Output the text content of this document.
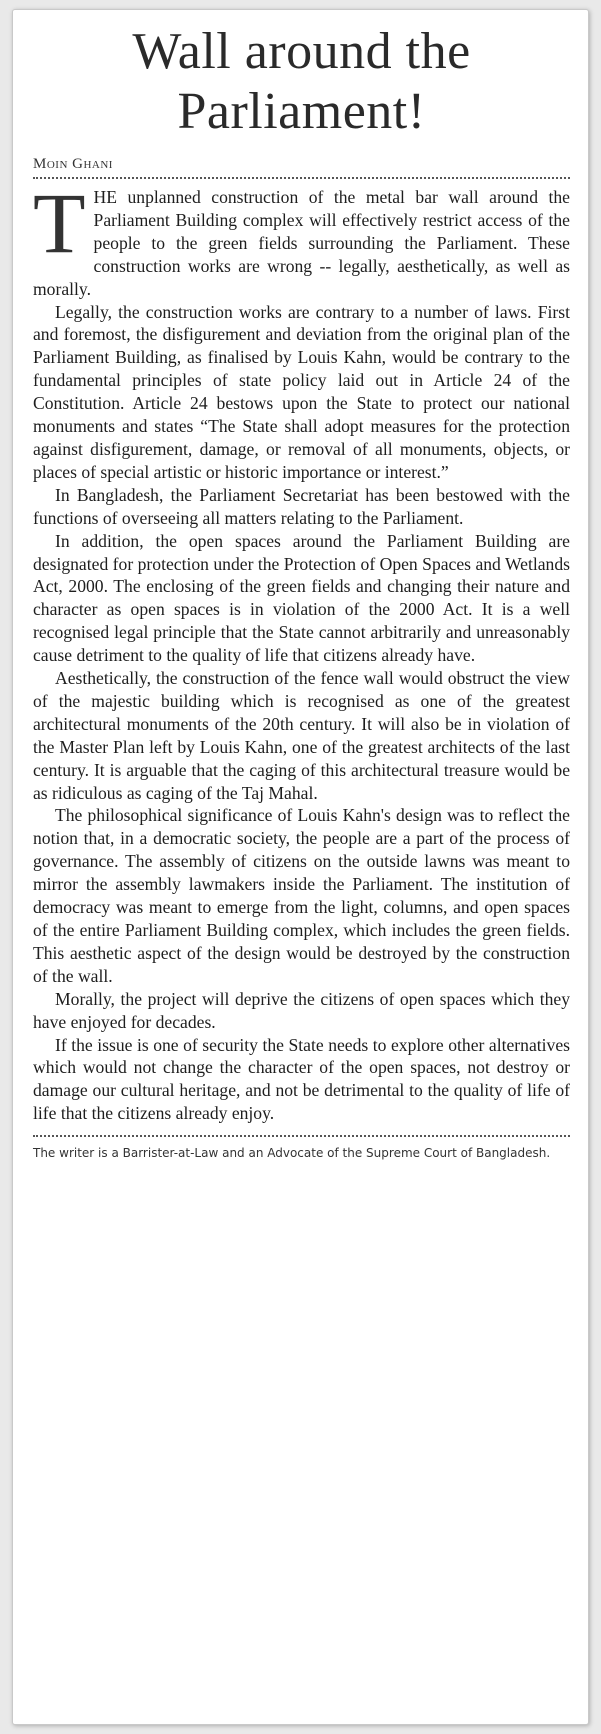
Wall around the Parliament!
Moin Ghani

THE unplanned construction of the metal bar wall around the Parliament Building complex will effectively restrict access of the people to the green fields surrounding the Parliament. These construction works are wrong -- legally, aesthetically, as well as morally.

Legally, the construction works are contrary to a number of laws. First and foremost, the disfigurement and deviation from the original plan of the Parliament Building, as finalised by Louis Kahn, would be contrary to the fundamental principles of state policy laid out in Article 24 of the Constitution. Article 24 bestows upon the State to protect our national monuments and states “The State shall adopt measures for the protection against disfigurement, damage, or removal of all monuments, objects, or places of special artistic or historic importance or interest.”

In Bangladesh, the Parliament Secretariat has been bestowed with the functions of overseeing all matters relating to the Parliament.

In addition, the open spaces around the Parliament Building are designated for protection under the Protection of Open Spaces and Wetlands Act, 2000. The enclosing of the green fields and changing their nature and character as open spaces is in violation of the 2000 Act. It is a well recognised legal principle that the State cannot arbitrarily and unreasonably cause detriment to the quality of life that citizens already have.

Aesthetically, the construction of the fence wall would obstruct the view of the majestic building which is recognised as one of the greatest architectural monuments of the 20th century. It will also be in violation of the Master Plan left by Louis Kahn, one of the greatest architects of the last century. It is arguable that the caging of this architectural treasure would be as ridiculous as caging of the Taj Mahal.

The philosophical significance of Louis Kahn's design was to reflect the notion that, in a democratic society, the people are a part of the process of governance. The assembly of citizens on the outside lawns was meant to mirror the assembly lawmakers inside the Parliament. The institution of democracy was meant to emerge from the light, columns, and open spaces of the entire Parliament Building complex, which includes the green fields. This aesthetic aspect of the design would be destroyed by the construction of the wall.

Morally, the project will deprive the citizens of open spaces which they have enjoyed for decades.

If the issue is one of security the State needs to explore other alternatives which would not change the character of the open spaces, not destroy or damage our cultural heritage, and not be detrimental to the quality of life of life that the citizens already enjoy.

The writer is a Barrister-at-Law and an Advocate of the Supreme Court of Bangladesh.
